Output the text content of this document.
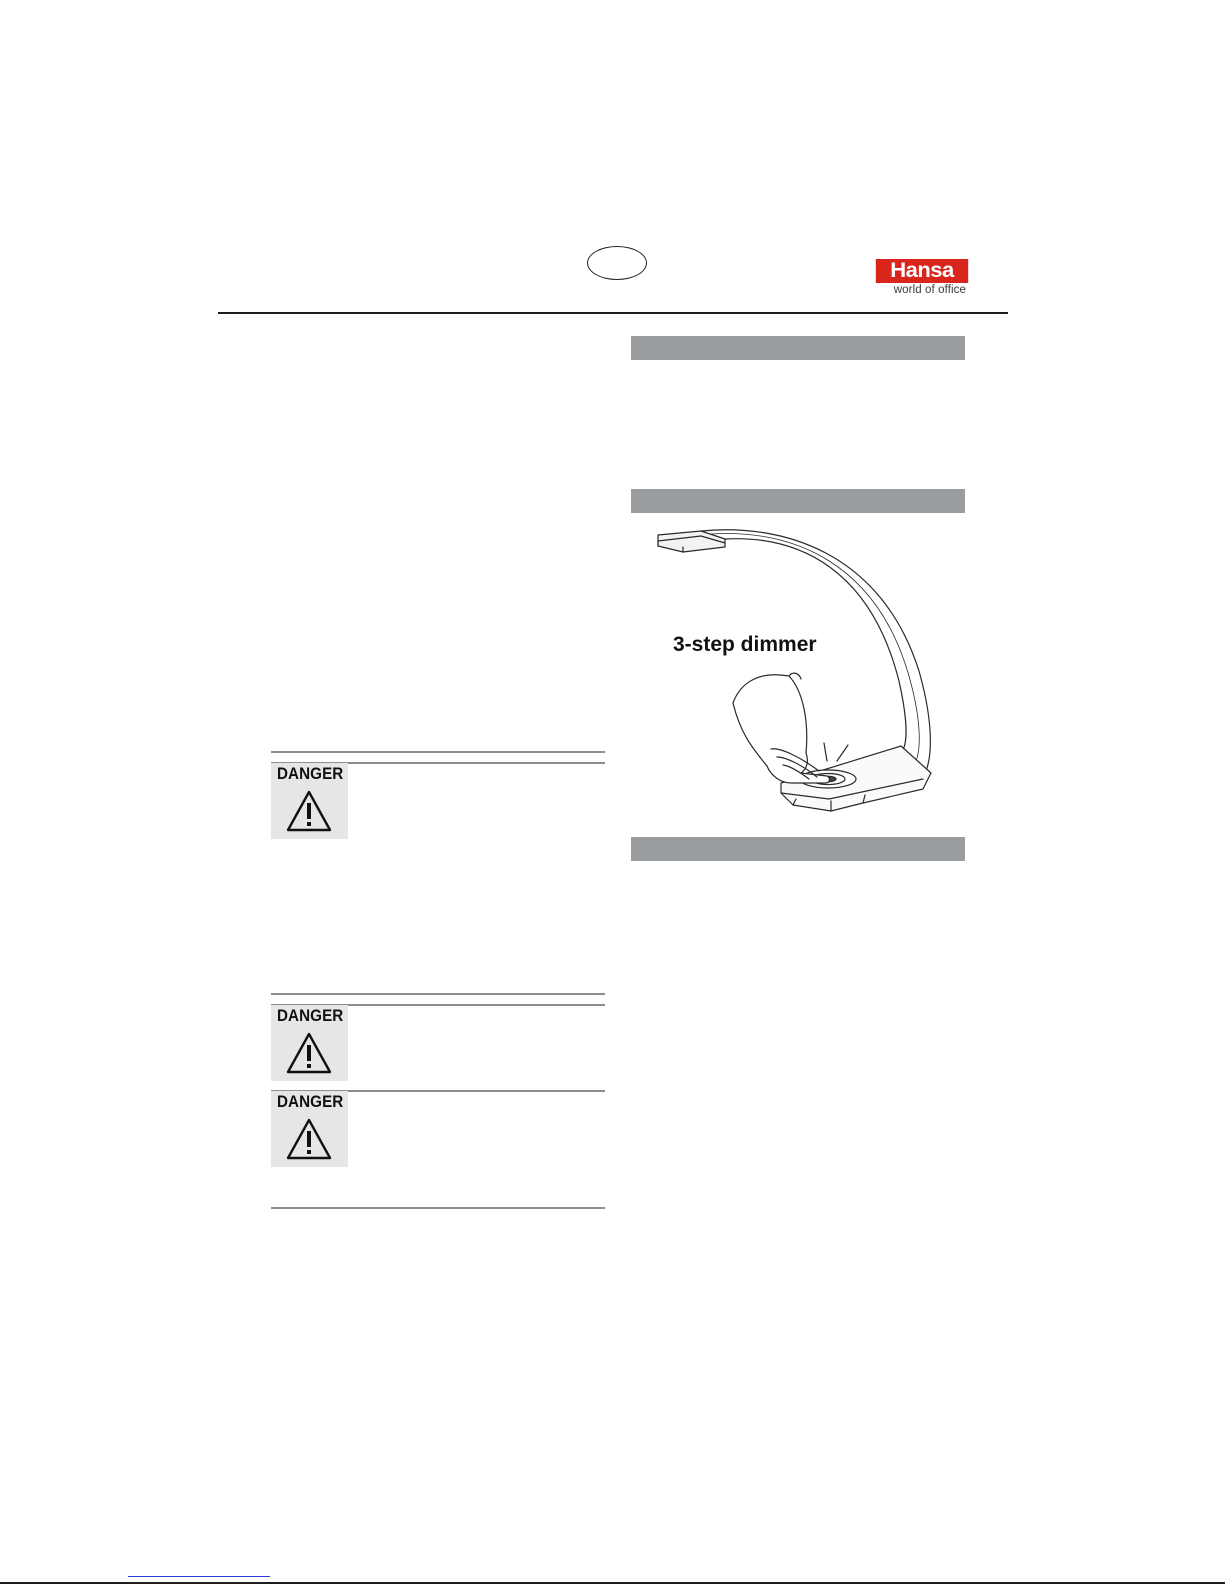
Hansa
world of office
3-step dimmer
DANGER
DANGER
DANGER
